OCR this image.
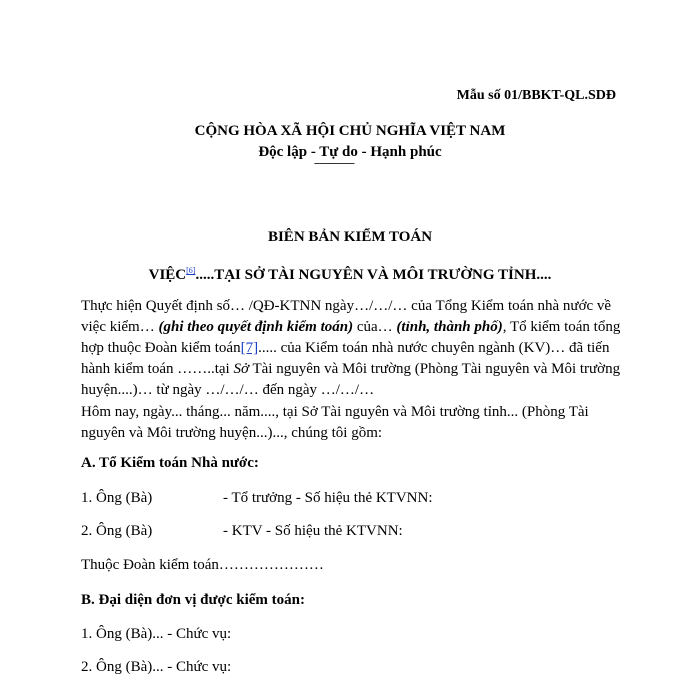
Mẫu số 01/BBKT-QL.SDĐ
CỘNG HÒA XÃ HỘI CHỦ NGHĨA VIỆT NAM
Độc lập - Tự do - Hạnh phúc
---------------
BIÊN BẢN KIỂM TOÁN
VIỆC[6].....TẠI SỞ TÀI NGUYÊN VÀ MÔI TRƯỜNG TỈNH....
Thực hiện Quyết định số… /QĐ-KTNN ngày…/…/… của Tổng Kiểm toán nhà nước về việc kiểm… (ghi theo quyết định kiểm toán) của… (tỉnh, thành phố), Tổ kiểm toán tổng hợp thuộc Đoàn kiểm toán[7]..... của Kiểm toán nhà nước chuyên ngành (KV)… đã tiến hành kiểm toán ……..tại Sở Tài nguyên và Môi trường (Phòng Tài nguyên và Môi trường huyện....)… từ ngày …/…/… đến ngày …/…/…
Hôm nay, ngày... tháng... năm...., tại Sở Tài nguyên và Môi trường tỉnh... (Phòng Tài nguyên và Môi trường huyện...)..., chúng tôi gồm:
A. Tổ Kiểm toán Nhà nước:
1. Ông (Bà)	- Tổ trưởng - Số hiệu thẻ KTVNN:
2. Ông (Bà)	- KTV - Số hiệu thẻ KTVNN:
Thuộc Đoàn kiểm toán…………………
B. Đại diện đơn vị được kiểm toán:
1. Ông (Bà)... - Chức vụ:
2. Ông (Bà)... - Chức vụ:
